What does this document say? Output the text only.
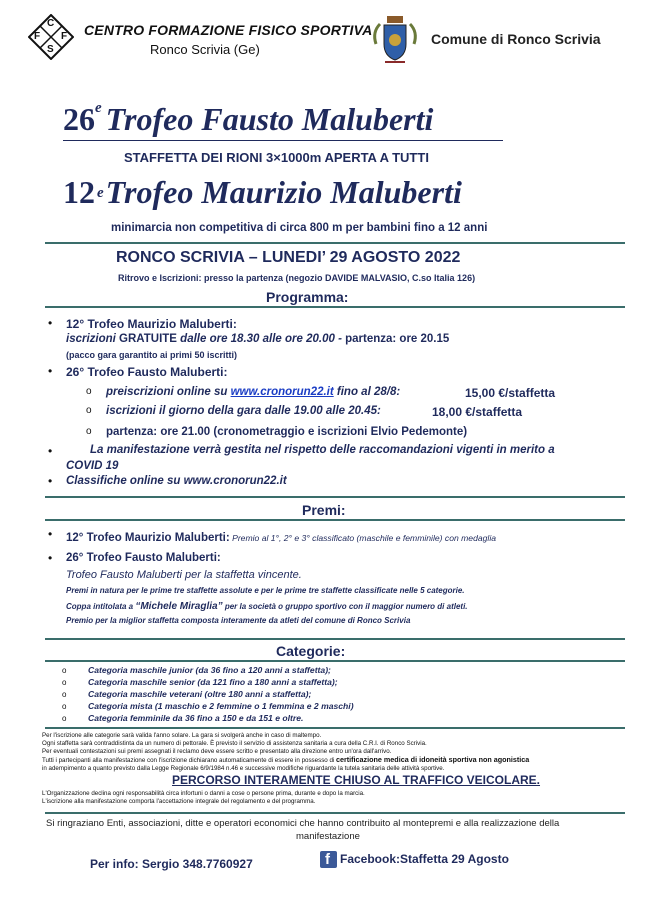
C
F F
S
CENTRO FORMAZIONE FISICO SPORTIVA
Ronco Scrivia (Ge)
Comune di Ronco Scrivia
26e Trofeo Fausto Maluberti
STAFFETTA DEI RIONI 3×1000m APERTA A TUTTI
12 $^e$Trofeo Maurizio Maluberti
minimarcia non competitiva di circa 800 m per bambini fino a 12 anni
RONCO SCRIVIA – LUNEDI’ 29 AGOSTO 2022
Ritrovo e Iscrizioni: presso la partenza (negozio DAVIDE MALVASIO, C.so Italia 126)
Programma:
• 12° Trofeo Maurizio Maluberti:
iscrizioni GRATUITE dalle ore 18.30 alle ore 20.00 - partenza: ore 20.15
(pacco gara garantito ai primi 50 iscritti)
• 26° Trofeo Fausto Maluberti:
o preiscrizioni online su www.cronorun22.it fino al 28/8:	15,00 €/staffetta
o iscrizioni il giorno della gara dalle 19.00 alle 20.45:	18,00 €/staffetta
o partenza: ore 21.00 (cronometraggio e iscrizioni Elvio Pedemonte)
•	La manifestazione verrà gestita nel rispetto delle raccomandazioni vigenti in merito a
COVID 19
• Classifiche online su www.cronorun22.it
Premi:
• 12° Trofeo Maurizio Maluberti: Premio al 1°, 2° e 3° classificato (maschile e femminile) con medaglia
• 26° Trofeo Fausto Maluberti:
Trofeo Fausto Maluberti per la staffetta vincente.
Premi in natura per le prime tre staffette assolute e per le prime tre staffette classificate nelle 5 categorie.
Coppa intitolata a “Michele Miraglia” per la società o gruppo sportivo con il maggior numero di atleti.
Premio per la miglior staffetta composta interamente da atleti del comune di Ronco Scrivia
Categorie:
o	Categoria maschile junior (da 36 fino a 120 anni a staffetta);
o	Categoria maschile senior (da 121 fino a 180 anni a staffetta);
o	Categoria maschile veterani (oltre 180 anni a staffetta);
o	Categoria mista (1 maschio e 2 femmine o 1 femmina e 2 maschi)
o	Categoria femminile da 36 fino a 150 e da 151 e oltre.
Per l'iscrizione alle categorie sarà valida l'anno solare. La gara si svolgerà anche in caso di maltempo.
Ogni staffetta sarà contraddistinta da un numero di pettorale. È previsto il servizio di assistenza sanitaria a cura della C.R.I. di Ronco Scrivia.
Per eventuali contestazioni sui premi assegnati il reclamo deve essere scritto e presentato alla direzione entro un'ora dall'arrivo.
Tutti i partecipanti alla manifestazione con l'iscrizione dichiarano automaticamente di essere in possesso di certificazione medica di idoneità sportiva non agonistica
in adempimento a quanto previsto dalla Legge Regionale 6/9/1984 n.46 e successive modifiche riguardante la tutela sanitaria delle attività sportive.
PERCORSO INTERAMENTE CHIUSO AL TRAFFICO VEICOLARE.
L'Organizzazione declina ogni responsabilità circa infortuni o danni a cose o persone prima, durante e dopo la marcia.
L'iscrizione alla manifestazione comporta l'accettazione integrale del regolamento e del programma.
Si ringraziano Enti, associazioni, ditte e operatori economici che hanno contribuito al montepremi e alla realizzazione della
manifestazione
Per info: Sergio 348.7760927	f Facebook:Staffetta 29 Agosto
